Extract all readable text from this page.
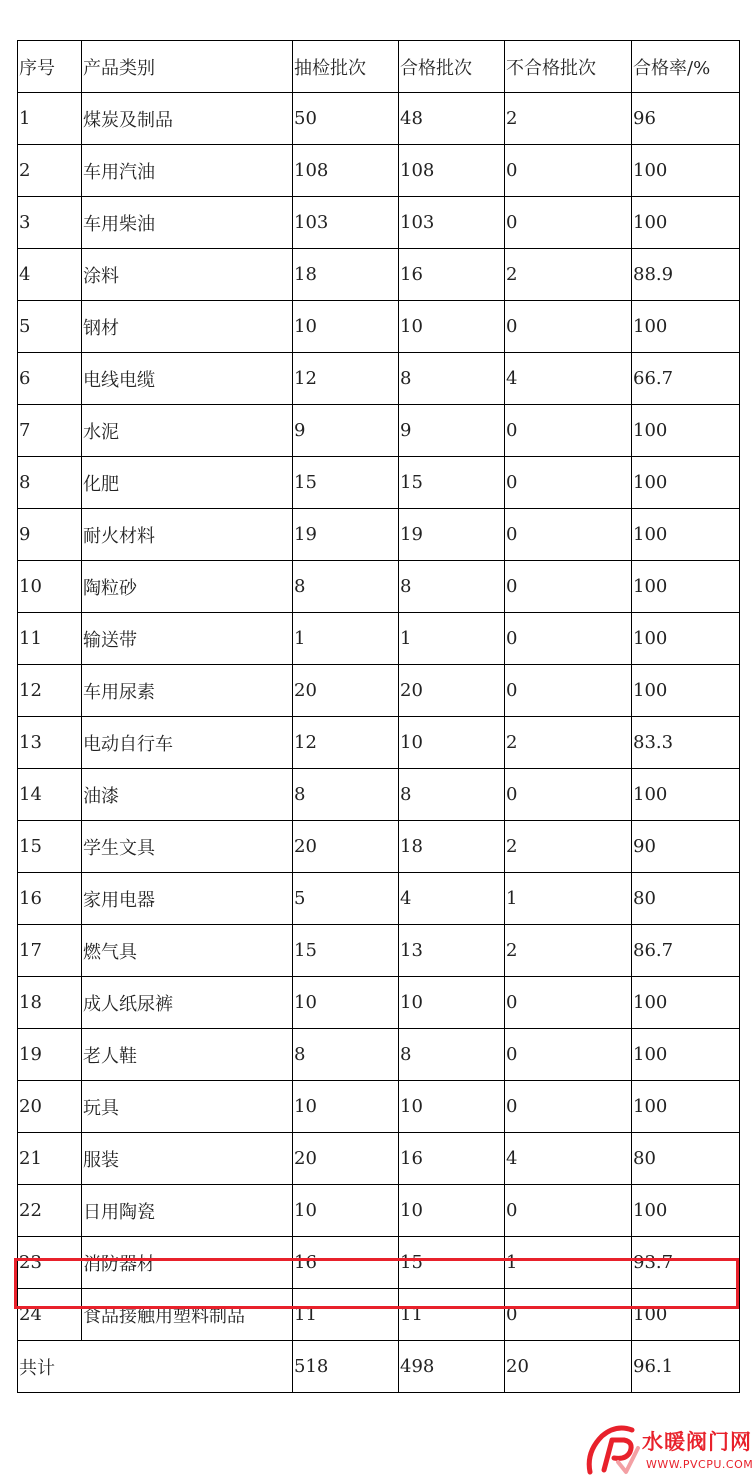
序号	产品类别	抽检批次	合格批次	不合格批次	合格率/%
1	煤炭及制品	50	48	2	96
2	车用汽油	108	108	0	100
3	车用柴油	103	103	0	100
4	涂料	18	16	2	88.9
5	钢材	10	10	0	100
6	电线电缆	12	8	4	66.7
7	水泥	9	9	0	100
8	化肥	15	15	0	100
9	耐火材料	19	19	0	100
10	陶粒砂	8	8	0	100
11	输送带	1	1	0	100
12	车用尿素	20	20	0	100
13	电动自行车	12	10	2	83.3
14	油漆	8	8	0	100
15	学生文具	20	18	2	90
16	家用电器	5	4	1	80
17	燃气具	15	13	2	86.7
18	成人纸尿裤	10	10	0	100
19	老人鞋	8	8	0	100
20	玩具	10	10	0	100
21	服装	20	16	4	80
22	日用陶瓷	10	10	0	100
23	消防器材	16	15	1	93.7
24	食品接触用塑料制品	11	11	0	100
共计		518	498	20	96.1
水暖阀门网
WWW.PVCPU.COM
